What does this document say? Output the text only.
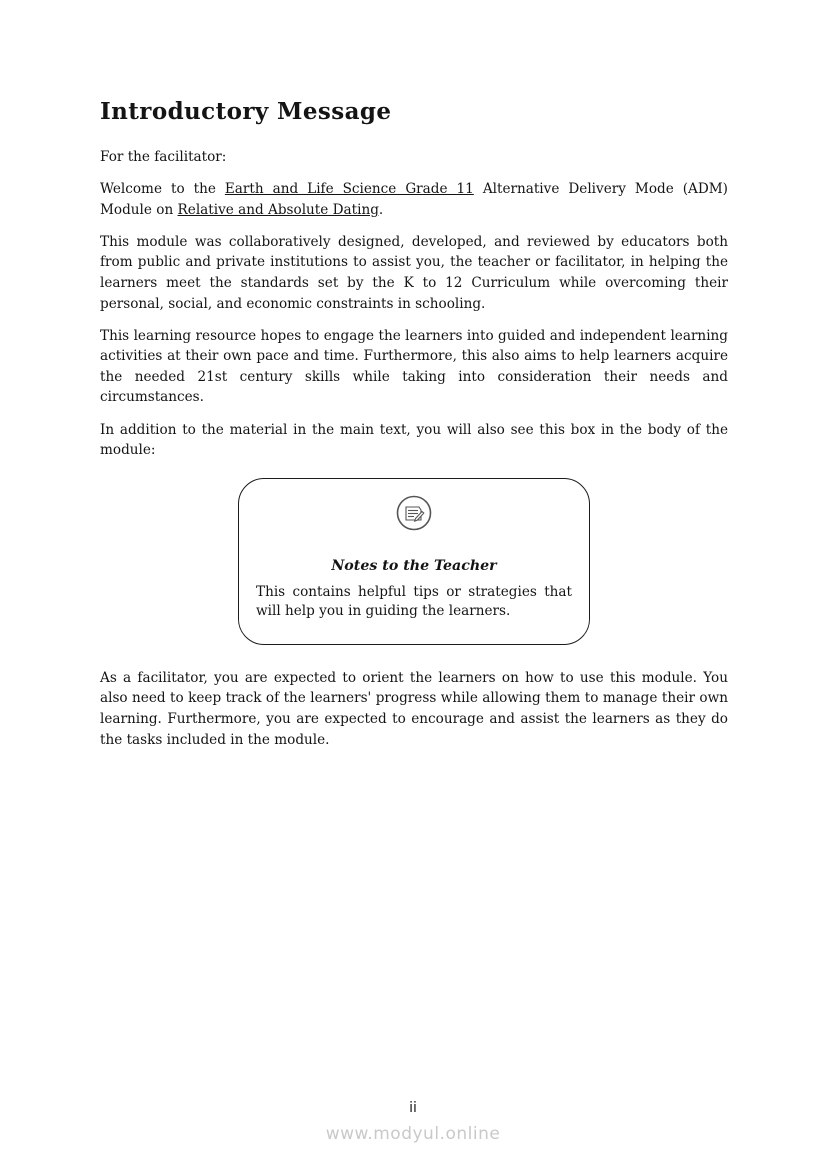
Introductory Message

For the facilitator:

Welcome to the Earth and Life Science Grade 11 Alternative Delivery Mode (ADM) Module on Relative and Absolute Dating.

This module was collaboratively designed, developed, and reviewed by educators both from public and private institutions to assist you, the teacher or facilitator, in helping the learners meet the standards set by the K to 12 Curriculum while overcoming their personal, social, and economic constraints in schooling.

This learning resource hopes to engage the learners into guided and independent learning activities at their own pace and time. Furthermore, this also aims to help learners acquire the needed 21st century skills while taking into consideration their needs and circumstances.

In addition to the material in the main text, you will also see this box in the body of the module:

Notes to the Teacher

This contains helpful tips or strategies that will help you in guiding the learners.

As a facilitator, you are expected to orient the learners on how to use this module. You also need to keep track of the learners' progress while allowing them to manage their own learning. Furthermore, you are expected to encourage and assist the learners as they do the tasks included in the module.

ii
www.modyul.online
